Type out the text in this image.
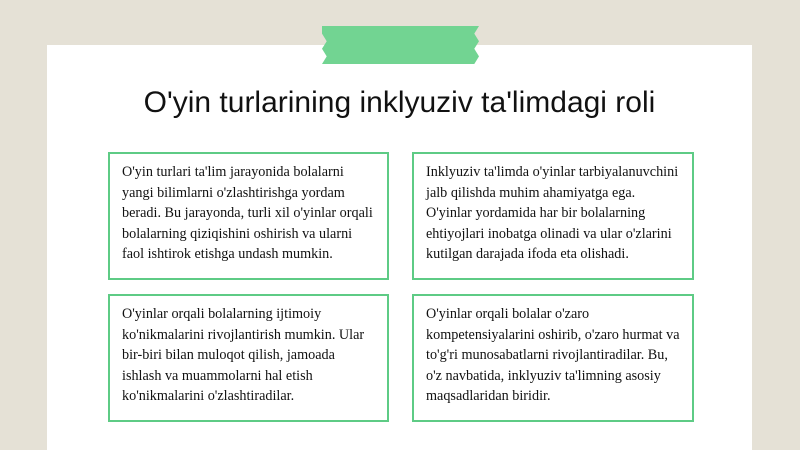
O'yin turlarining inklyuziv ta'limdagi roli

O'yin turlari ta'lim jarayonida bolalarni yangi bilimlarni o'zlashtirishga yordam beradi. Bu jarayonda, turli xil o'yinlar orqali bolalarning qiziqishini oshirish va ularni faol ishtirok etishga undash mumkin.

Inklyuziv ta'limda o'yinlar tarbiyalanuvchini jalb qilishda muhim ahamiyatga ega. O'yinlar yordamida har bir bolalarning ehtiyojlari inobatga olinadi va ular o'zlarini kutilgan darajada ifoda eta olishadi.

O'yinlar orqali bolalarning ijtimoiy ko'nikmalarini rivojlantirish mumkin. Ular bir-biri bilan muloqot qilish, jamoada ishlash va muammolarni hal etish ko'nikmalarini o'zlashtiradilar.

O'yinlar orqali bolalar o'zaro kompetensiyalarini oshirib, o'zaro hurmat va to'g'ri munosabatlarni rivojlantiradilar. Bu, o'z navbatida, inklyuziv ta'limning asosiy maqsadlaridan biridir.
